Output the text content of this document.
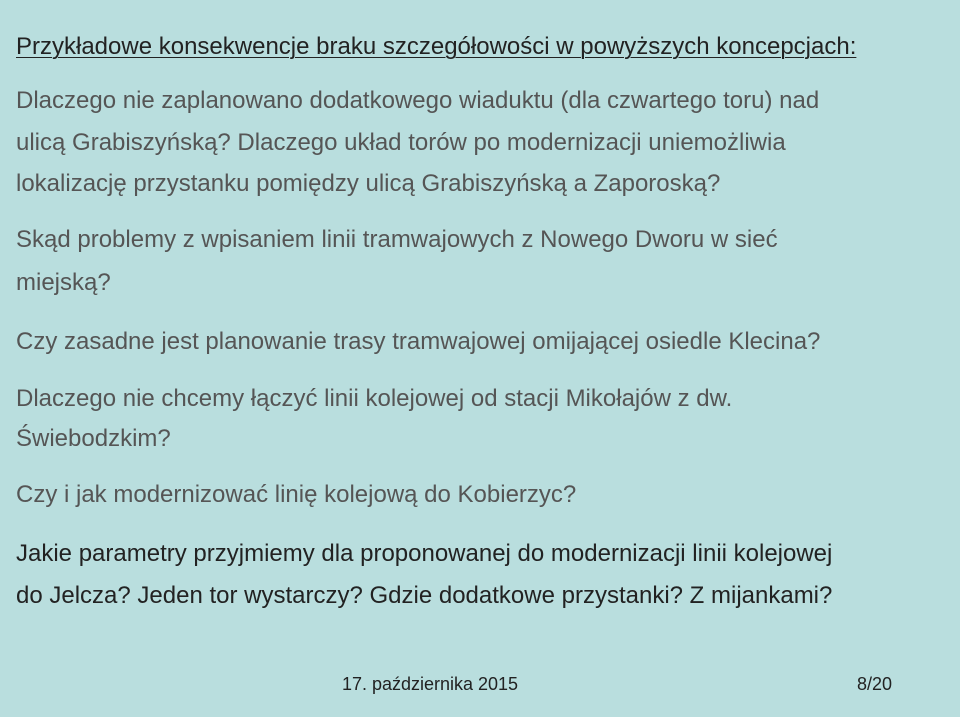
Przykładowe konsekwencje braku szczegółowości w powyższych koncepcjach:
Dlaczego nie zaplanowano dodatkowego wiaduktu (dla czwartego toru) nad
ulicą Grabiszyńską? Dlaczego układ torów po modernizacji uniemożliwia
lokalizację przystanku pomiędzy ulicą Grabiszyńską a Zaporoską?
Skąd problemy z wpisaniem linii tramwajowych z Nowego Dworu w sieć
miejską?
Czy zasadne jest planowanie trasy tramwajowej omijającej osiedle Klecina?
Dlaczego nie chcemy łączyć linii kolejowej od stacji Mikołajów z dw.
Świebodzkim?
Czy i jak modernizować linię kolejową do Kobierzyc?
Jakie parametry przyjmiemy dla proponowanej do modernizacji linii kolejowej
do Jelcza? Jeden tor wystarczy? Gdzie dodatkowe przystanki? Z mijankami?
17. października 2015	8/20
